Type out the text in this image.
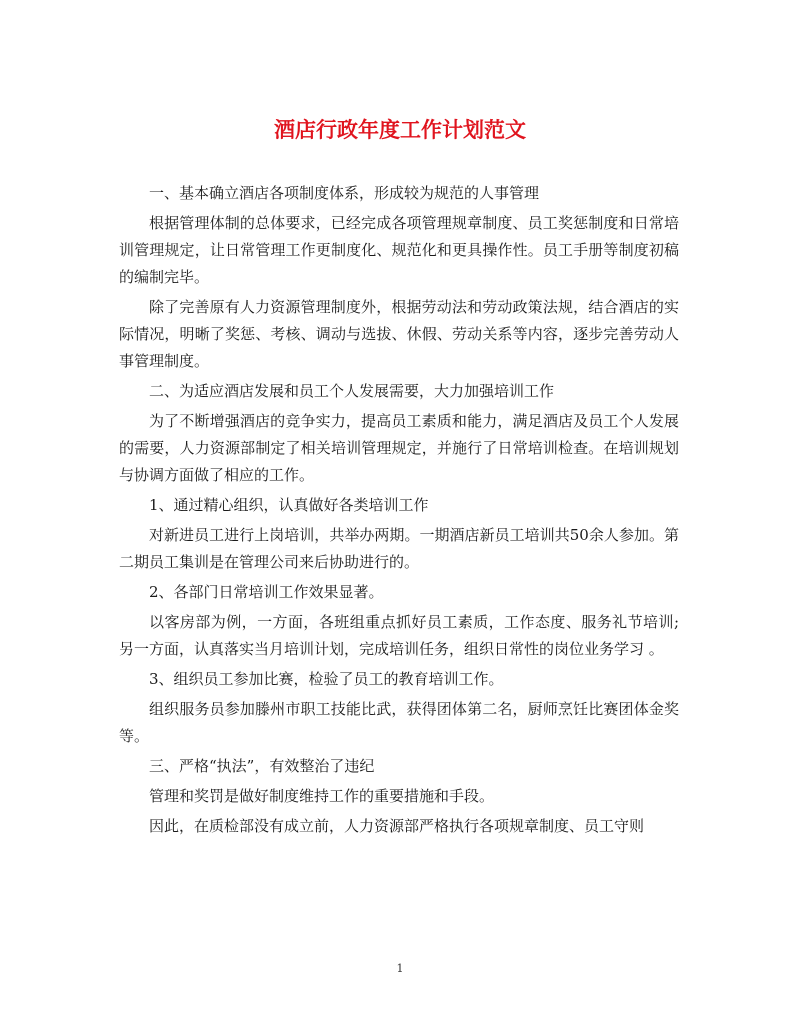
酒店行政年度工作计划范文

一、基本确立酒店各项制度体系，形成较为规范的人事管理

根据管理体制的总体要求，已经完成各项管理规章制度、员工奖惩制度和日常培训管理规定，让日常管理工作更制度化、规范化和更具操作性。员工手册等制度初稿的编制完毕。

除了完善原有人力资源管理制度外，根据劳动法和劳动政策法规，结合酒店的实际情况，明晰了奖惩、考核、调动与选拔、休假、劳动关系等内容，逐步完善劳动人事管理制度。

二、为适应酒店发展和员工个人发展需要，大力加强培训工作

为了不断增强酒店的竞争实力，提高员工素质和能力，满足酒店及员工个人发展的需要，人力资源部制定了相关培训管理规定，并施行了日常培训检查。在培训规划与协调方面做了相应的工作。

1、通过精心组织，认真做好各类培训工作

对新进员工进行上岗培训，共举办两期。一期酒店新员工培训共50余人参加。第二期员工集训是在管理公司来后协助进行的。

2、各部门日常培训工作效果显著。

以客房部为例，一方面，各班组重点抓好员工素质，工作态度、服务礼节培训;另一方面，认真落实当月培训计划，完成培训任务，组织日常性的岗位业务学习 。

3、组织员工参加比赛，检验了员工的教育培训工作。

组织服务员参加滕州市职工技能比武，获得团体第二名，厨师烹饪比赛团体金奖等。

三、严格“执法”，有效整治了违纪

管理和奖罚是做好制度维持工作的重要措施和手段。

因此，在质检部没有成立前，人力资源部严格执行各项规章制度、员工守则

1
